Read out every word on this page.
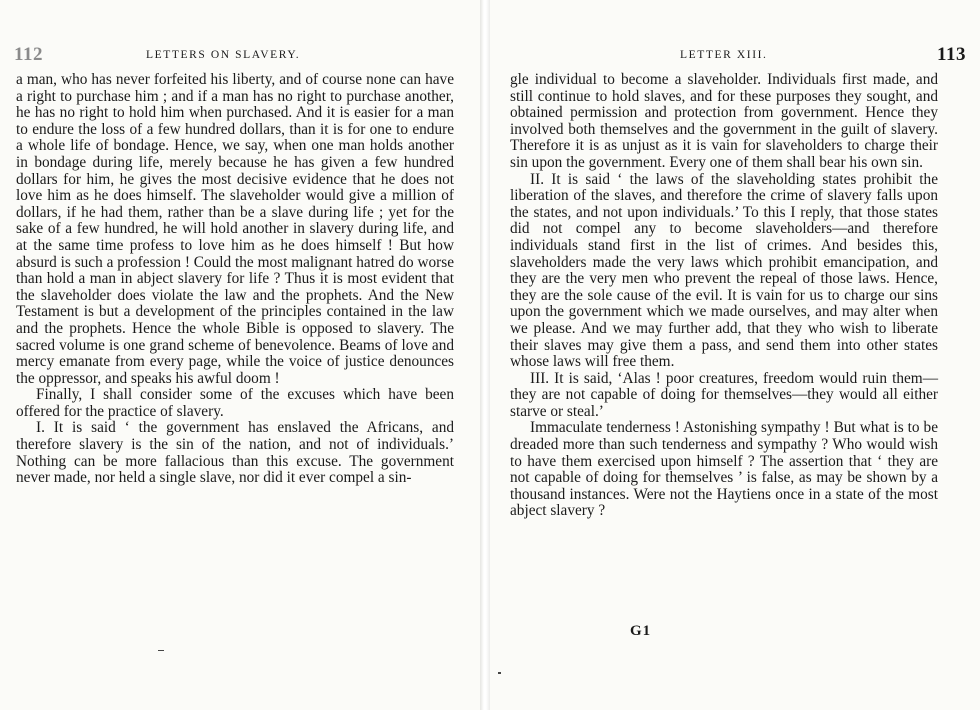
112	LETTERS ON SLAVERY.

a man, who has never forfeited his liberty, and of course none can have a right to purchase him ; and if a man has no right to purchase another, he has no right to hold him when purchased. And it is easier for a man to endure the loss of a few hundred dollars, than it is for one to endure a whole life of bondage. Hence, we say, when one man holds another in bondage during life, merely because he has given a few hundred dollars for him, he gives the most decisive evidence that he does not love him as he does himself. The slaveholder would give a million of dollars, if he had them, rather than be a slave during life ; yet for the sake of a few hundred, he will hold another in slavery during life, and at the same time profess to love him as he does himself ! But how absurd is such a profession ! Could the most malignant hatred do worse than hold a man in abject slavery for life ? Thus it is most evident that the slaveholder does violate the law and the prophets. And the New Testament is but a development of the principles contained in the law and the prophets. Hence the whole Bible is opposed to slavery. The sacred volume is one grand scheme of benevolence. Beams of love and mercy emanate from every page, while the voice of justice denounces the oppressor, and speaks his awful doom !

Finally, I shall consider some of the excuses which have been offered for the practice of slavery.

I. It is said ‘ the government has enslaved the Africans, and therefore slavery is the sin of the nation, and not of individuals.’ Nothing can be more fallacious than this excuse. The government never made, nor held a single slave, nor did it ever compel a sin-

LETTER XIII.	113

gle individual to become a slaveholder. Individuals first made, and still continue to hold slaves, and for these purposes they sought, and obtained permission and protection from government. Hence they involved both themselves and the government in the guilt of slavery. Therefore it is as unjust as it is vain for slaveholders to charge their sin upon the government. Every one of them shall bear his own sin.

II. It is said ‘ the laws of the slaveholding states prohibit the liberation of the slaves, and therefore the crime of slavery falls upon the states, and not upon individuals.’ To this I reply, that those states did not compel any to become slaveholders—and therefore individuals stand first in the list of crimes. And besides this, slaveholders made the very laws which prohibit emancipation, and they are the very men who prevent the repeal of those laws. Hence, they are the sole cause of the evil. It is vain for us to charge our sins upon the government which we made ourselves, and may alter when we please. And we may further add, that they who wish to liberate their slaves may give them a pass, and send them into other states whose laws will free them.

III. It is said, ‘Alas ! poor creatures, freedom would ruin them—they are not capable of doing for themselves—they would all either starve or steal.’

Immaculate tenderness ! Astonishing sympathy ! But what is to be dreaded more than such tenderness and sympathy ? Who would wish to have them exercised upon himself ? The assertion that ‘ they are not capable of doing for themselves ’ is false, as may be shown by a thousand instances. Were not the Haytiens once in a state of the most abject slavery ?

G1
